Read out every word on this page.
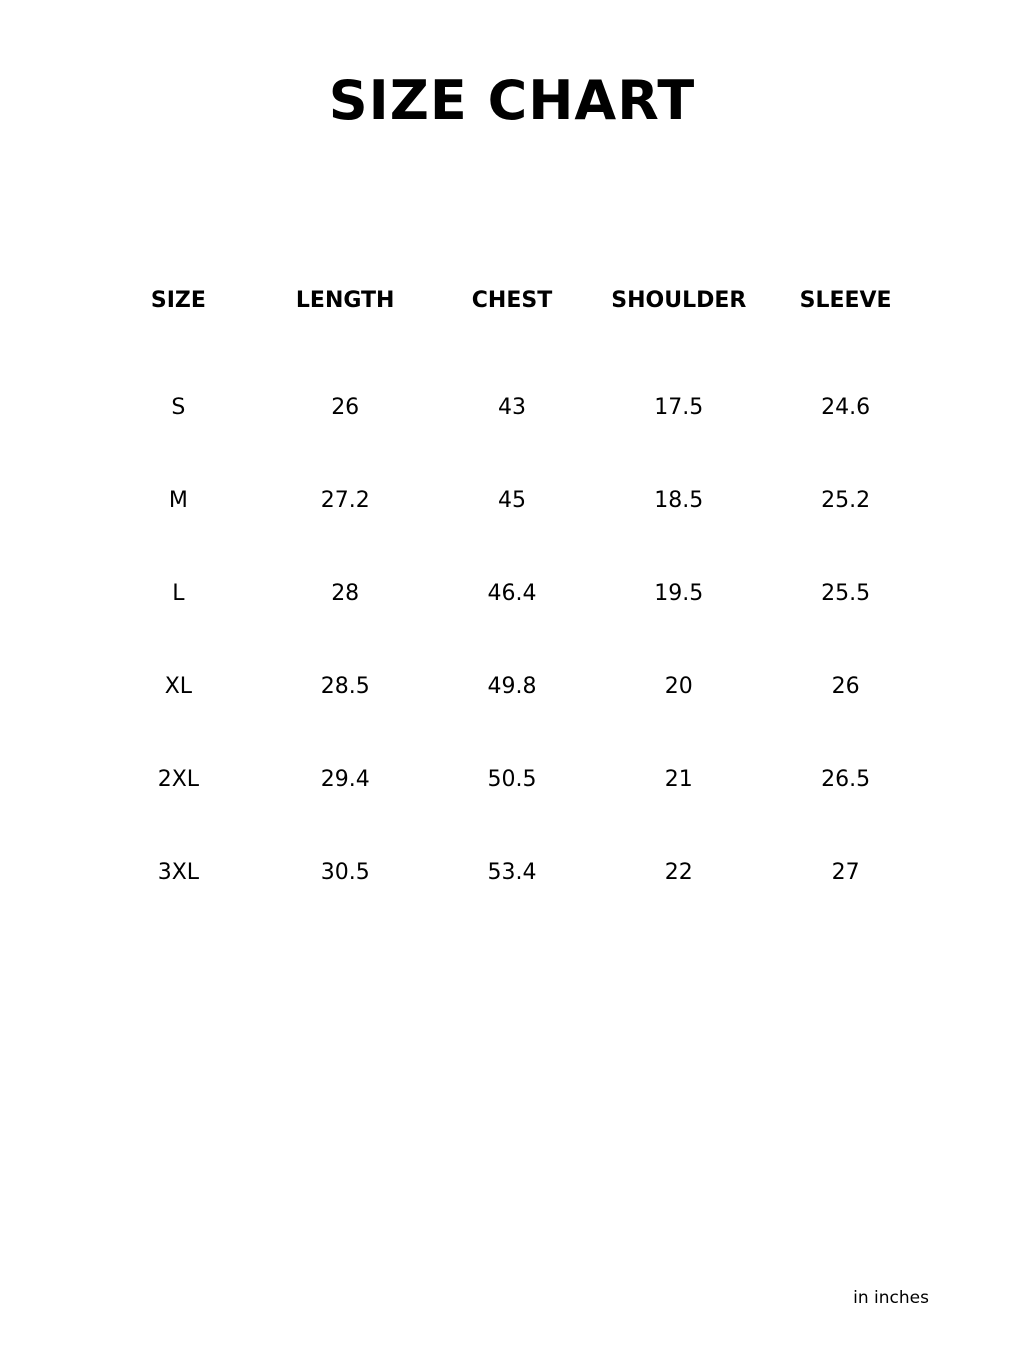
SIZE CHART
SIZE	LENGTH	CHEST	SHOULDER	SLEEVE
S	26	43	17.5	24.6
M	27.2	45	18.5	25.2
L	28	46.4	19.5	25.5
XL	28.5	49.8	20	26
2XL	29.4	50.5	21	26.5
3XL	30.5	53.4	22	27
in inches
